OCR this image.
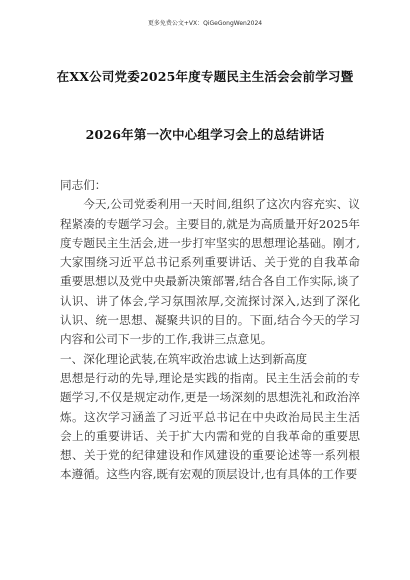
更多免费公文+VX：QiGeGongWen2024
在XX公司党委2025年度专题民主生活会会前学习暨
2026年第一次中心组学习会上的总结讲话

同志们：

今天,公司党委利用一天时间,组织了这次内容充实、议程紧凑的专题学习会。主要目的,就是为高质量开好2025年度专题民主生活会,进一步打牢坚实的思想理论基础。刚才,大家围绕习近平总书记系列重要讲话、关于党的自我革命重要思想以及党中央最新决策部署,结合各自工作实际,谈了认识、讲了体会,学习氛围浓厚,交流探讨深入,达到了深化认识、统一思想、凝聚共识的目的。下面,结合今天的学习内容和公司下一步的工作,我讲三点意见。

一、深化理论武装,在筑牢政治忠诚上达到新高度

思想是行动的先导,理论是实践的指南。民主生活会前的专题学习,不仅是规定动作,更是一场深刻的思想洗礼和政治淬炼。这次学习涵盖了习近平总书记在中央政治局民主生活会上的重要讲话、关于扩大内需和党的自我革命的重要思想、关于党的纪律建设和作风建设的重要论述等一系列根本遵循。这些内容,既有宏观的顶层设计,也有具体的工作要
